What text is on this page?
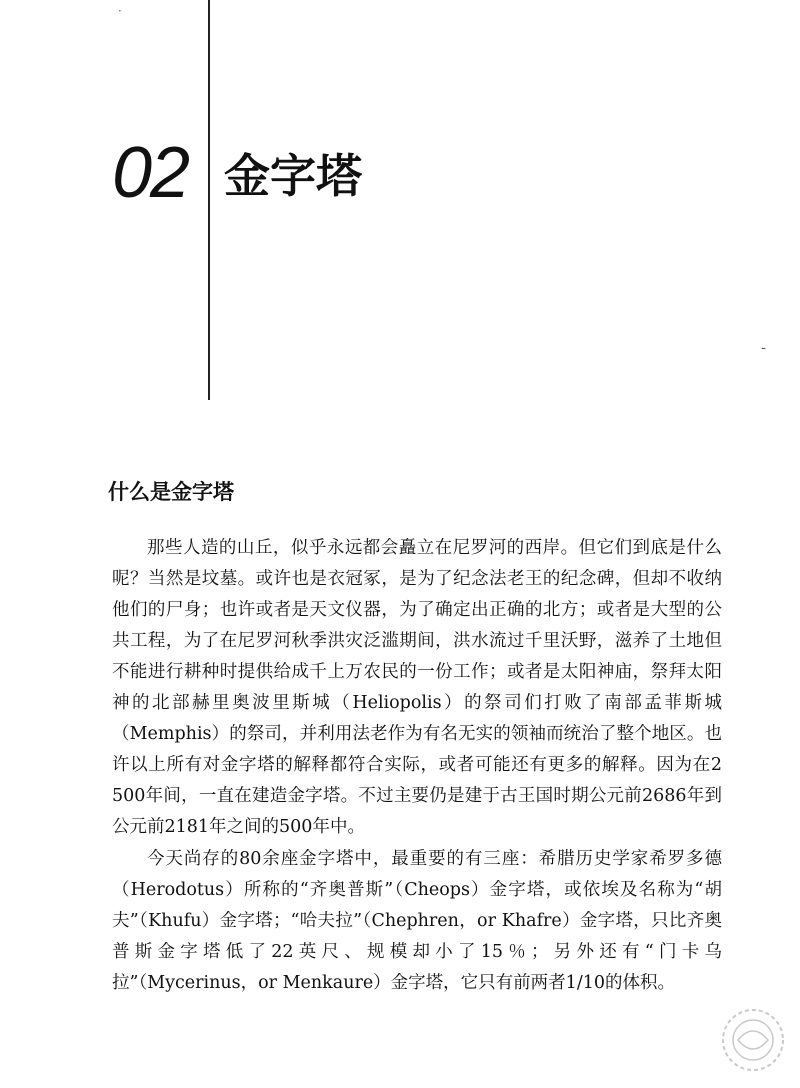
·
02 金字塔
-
什么是金字塔

那些人造的山丘，似乎永远都会矗立在尼罗河的西岸。但它们到底是什么呢？当然是坟墓。或许也是衣冠冢，是为了纪念法老王的纪念碑，但却不收纳他们的尸身；也许或者是天文仪器，为了确定出正确的北方；或者是大型的公共工程，为了在尼罗河秋季洪灾泛滥期间，洪水流过千里沃野，滋养了土地但不能进行耕种时提供给成千上万农民的一份工作；或者是太阳神庙，祭拜太阳神的北部赫里奥波里斯城（Heliopolis）的祭司们打败了南部孟菲斯城（Memphis）的祭司，并利用法老作为有名无实的领袖而统治了整个地区。也许以上所有对金字塔的解释都符合实际，或者可能还有更多的解释。因为在2 500年间，一直在建造金字塔。不过主要仍是建于古王国时期公元前2686年到公元前2181年之间的500年中。

今天尚存的80余座金字塔中，最重要的有三座：希腊历史学家希罗多德（Herodotus）所称的“齐奥普斯”（Cheops）金字塔，或依埃及名称为“胡夫”（Khufu）金字塔；“哈夫拉”（Chephren，or Khafre）金字塔，只比齐奥普斯金字塔低了22英尺、规模却小了15％；另外还有“门卡乌拉”（Mycerinus，or Menkaure）金字塔，它只有前两者1/10的体积。
